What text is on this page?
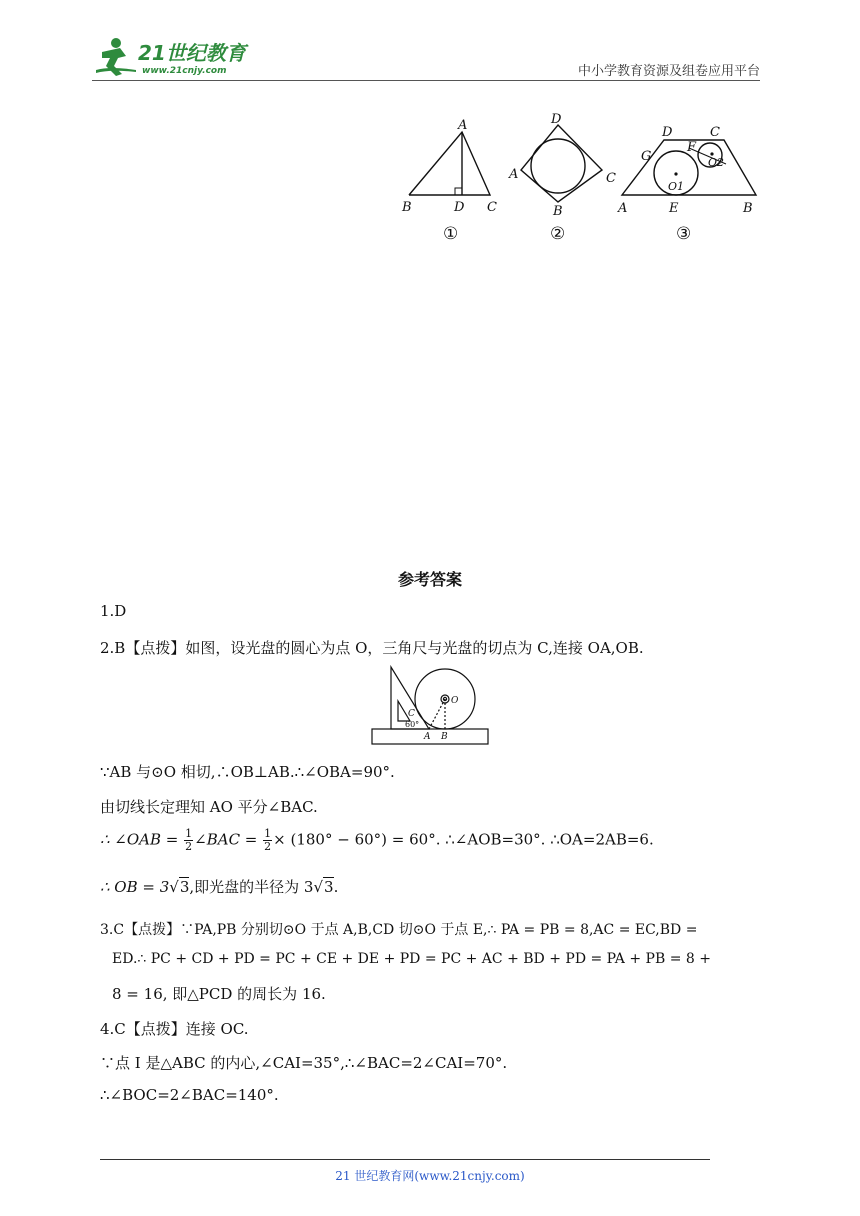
21世纪教育
www.21cnjy.com	中小学教育资源及组卷应用平台
A
B	D C
①
D
A	C
B
②
D	C
F
G
O1
O2
A	E	B
③
参考答案
1.D
2.B【点拨】如图，设光盘的圆心为点 O，三角尺与光盘的切点为 C,连接 OA,OB.
C
60°
A B
O
∵AB 与⊙O 相切,∴OB⊥AB.∴∠OBA=90°.
由切线长定理知 AO 平分∠BAC.
∴ ∠OAB = $\frac{1}{2}$ ∠BAC = $\frac{1}{2} \times (180^\circ - 60^\circ) = 60^\circ$. ∴∠AOB=30°. ∴OA=2AB=6.
∴ OB = 3√3,即光盘的半径为 3√3.
3.C【点拨】∵PA,PB 分别切⊙O 于点 A,B,CD 切⊙O 于点 E,∴ PA = PB = 8,AC = EC,BD =
ED.∴ PC + CD + PD = PC + CE + DE + PD = PC + AC + BD + PD = PA + PB = 8 +
8 = 16, 即△PCD 的周长为 16.
4.C【点拨】连接 OC.
∵点 I 是△ABC 的内心,∠CAI=35°,∴∠BAC=2∠CAI=70°.
∴∠BOC=2∠BAC=140°.
21 世纪教育网(www.21cnjy.com)
